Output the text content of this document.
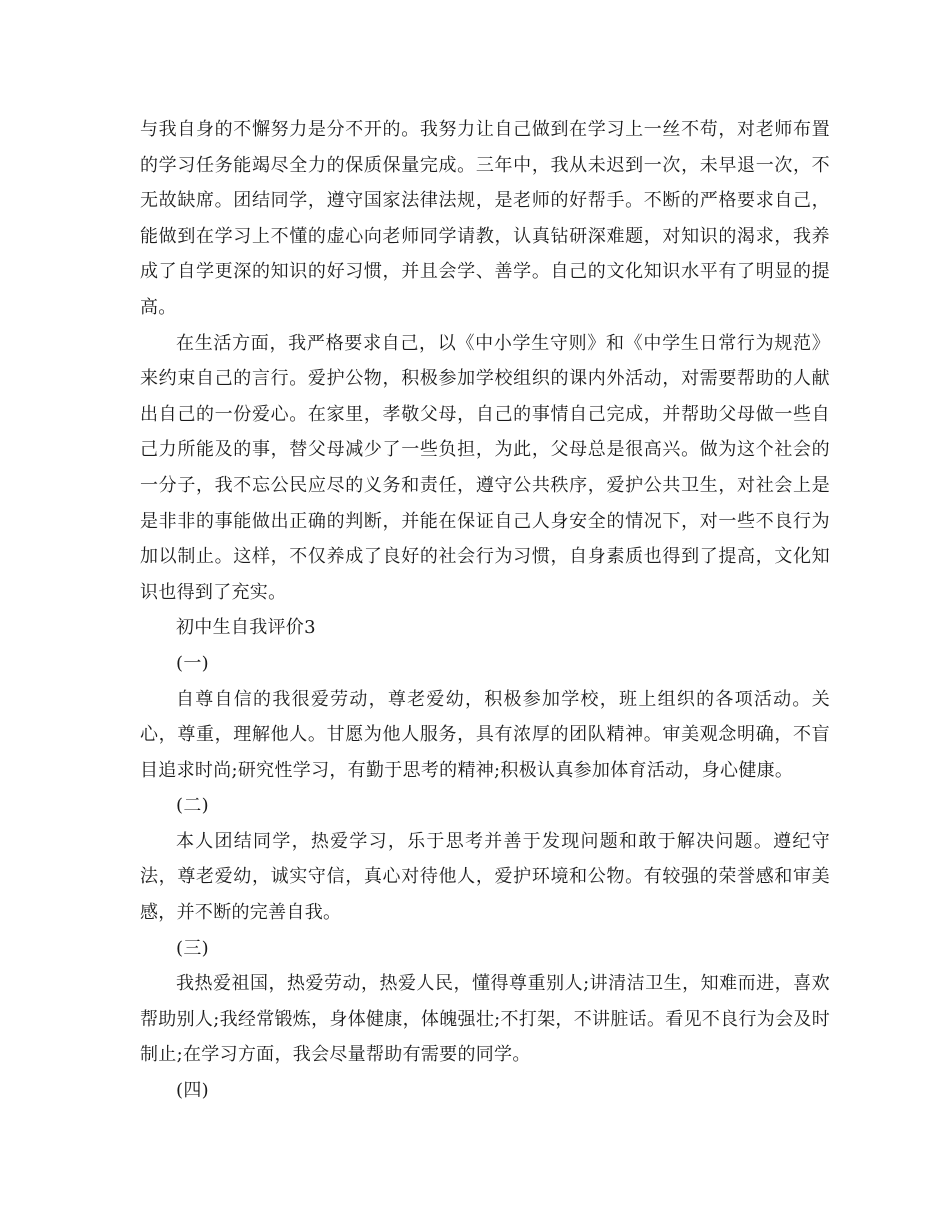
与我自身的不懈努力是分不开的。我努力让自己做到在学习上一丝不苟，对老师布置的学习任务能竭尽全力的保质保量完成。三年中，我从未迟到一次，未早退一次，不无故缺席。团结同学，遵守国家法律法规，是老师的好帮手。不断的严格要求自己，能做到在学习上不懂的虚心向老师同学请教，认真钻研深难题，对知识的渴求，我养成了自学更深的知识的好习惯，并且会学、善学。自己的文化知识水平有了明显的提高。

在生活方面，我严格要求自己，以《中小学生守则》和《中学生日常行为规范》来约束自己的言行。爱护公物，积极参加学校组织的课内外活动，对需要帮助的人献出自己的一份爱心。在家里，孝敬父母，自己的事情自己完成，并帮助父母做一些自己力所能及的事，替父母减少了一些负担，为此，父母总是很高兴。做为这个社会的一分子，我不忘公民应尽的义务和责任，遵守公共秩序，爱护公共卫生，对社会上是是非非的事能做出正确的判断，并能在保证自己人身安全的情况下，对一些不良行为加以制止。这样，不仅养成了良好的社会行为习惯，自身素质也得到了提高，文化知识也得到了充实。

初中生自我评价3

(一)

自尊自信的我很爱劳动，尊老爱幼，积极参加学校，班上组织的各项活动。关心，尊重，理解他人。甘愿为他人服务，具有浓厚的团队精神。审美观念明确，不盲目追求时尚;研究性学习，有勤于思考的精神;积极认真参加体育活动，身心健康。

(二)

本人团结同学，热爱学习，乐于思考并善于发现问题和敢于解决问题。遵纪守法，尊老爱幼，诚实守信，真心对待他人，爱护环境和公物。有较强的荣誉感和审美感，并不断的完善自我。

(三)

我热爱祖国，热爱劳动，热爱人民，懂得尊重别人;讲清洁卫生，知难而进，喜欢帮助别人;我经常锻炼，身体健康，体魄强壮;不打架，不讲脏话。看见不良行为会及时制止;在学习方面，我会尽量帮助有需要的同学。

(四)
